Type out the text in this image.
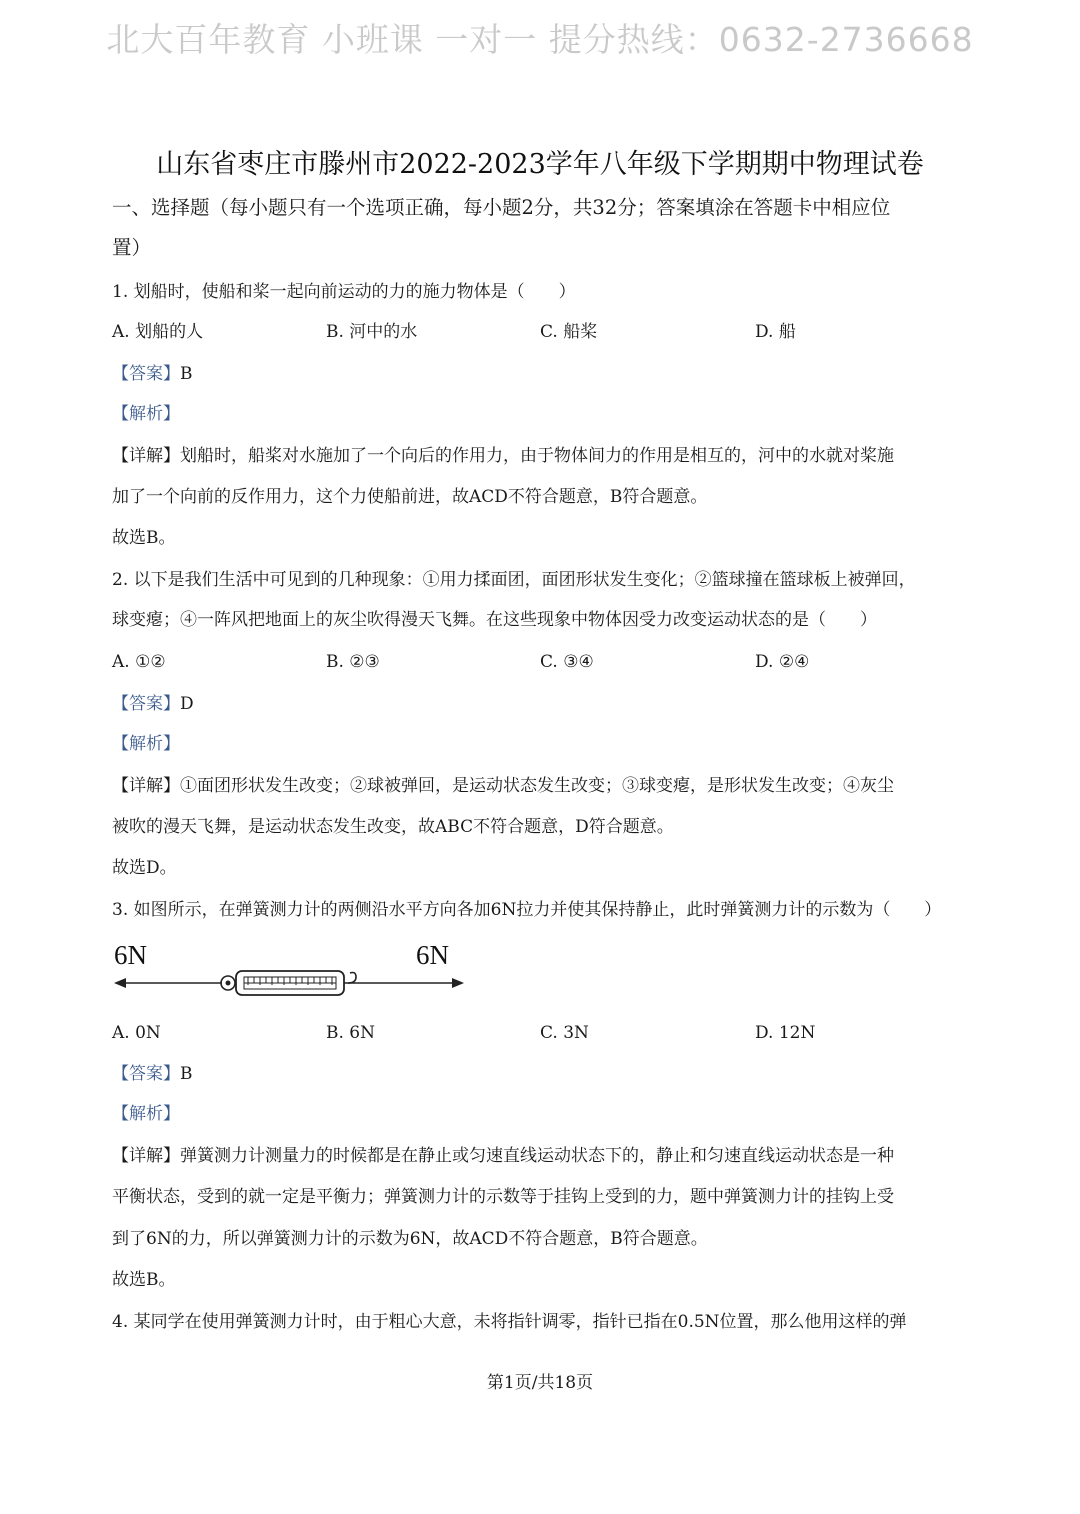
北大百年教育 小班课 一对一 提分热线：0632-2736668
山东省枣庄市滕州市2022-2023学年八年级下学期期中物理试卷
一、选择题（每小题只有一个选项正确，每小题2分，共32分；答案填涂在答题卡中相应位
置）
1. 划船时，使船和桨一起向前运动的力的施力物体是（　　）
A. 划船的人	B. 河中的水	C. 船桨	D. 船
【答案】B
【解析】
【详解】划船时，船桨对水施加了一个向后的作用力，由于物体间力的作用是相互的，河中的水就对桨施
加了一个向前的反作用力，这个力使船前进，故ACD不符合题意，B符合题意。
故选B。
2. 以下是我们生活中可见到的几种现象：①用力揉面团，面团形状发生变化；②篮球撞在篮球板上被弹回，
球变瘪；④一阵风把地面上的灰尘吹得漫天飞舞。在这些现象中物体因受力改变运动状态的是（　　）
A. ①②	B. ②③	C. ③④	D. ②④
【答案】D
【解析】
【详解】①面团形状发生改变；②球被弹回，是运动状态发生改变；③球变瘪，是形状发生改变；④灰尘
被吹的漫天飞舞，是运动状态发生改变，故ABC不符合题意，D符合题意。
故选D。
3. 如图所示，在弹簧测力计的两侧沿水平方向各加6N拉力并使其保持静止，此时弹簧测力计的示数为（　　）
6N	6N
A. 0N	B. 6N	C. 3N	D. 12N
【答案】B
【解析】
【详解】弹簧测力计测量力的时候都是在静止或匀速直线运动状态下的，静止和匀速直线运动状态是一种
平衡状态，受到的就一定是平衡力；弹簧测力计的示数等于挂钩上受到的力，题中弹簧测力计的挂钩上受
到了6N的力，所以弹簧测力计的示数为6N，故ACD不符合题意，B符合题意。
故选B。
4. 某同学在使用弹簧测力计时，由于粗心大意，未将指针调零，指针已指在0.5N位置，那么他用这样的弹
第1页/共18页
